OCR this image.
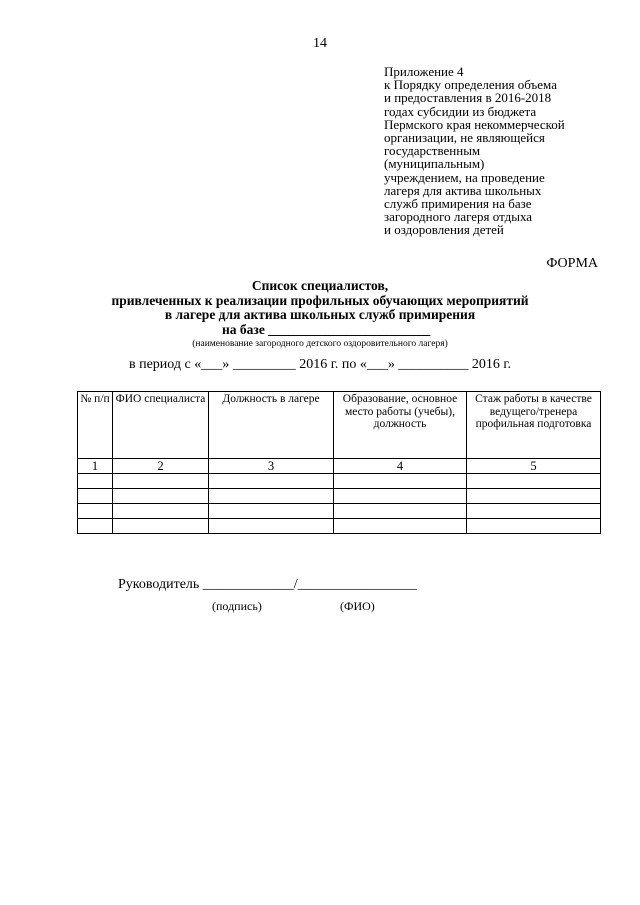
14
Приложение 4
к Порядку определения объема
и предоставления в 2016-2018
годах субсидии из бюджета
Пермского края некоммерческой
организации, не являющейся
государственным
(муниципальным)
учреждением, на проведение
лагеря для актива школьных
служб примирения на базе
загородного лагеря отдыха
и оздоровления детей
ФОРМА
Список специалистов,
привлеченных к реализации профильных обучающих мероприятий
в лагере для актива школьных служб примирения
на базе ________________________
(наименование загородного детского оздоровительного лагеря)
в период с «___» _________ 2016 г. по «___» __________ 2016 г.
№ п/п	ФИО специалиста	Должность в лагере	Образование, основное место работы (учебы), должность	Стаж работы в качестве ведущего/тренера профильная подготовка
1	2	3	4	5

Руководитель _____________/_________________
(подпись)	(ФИО)
